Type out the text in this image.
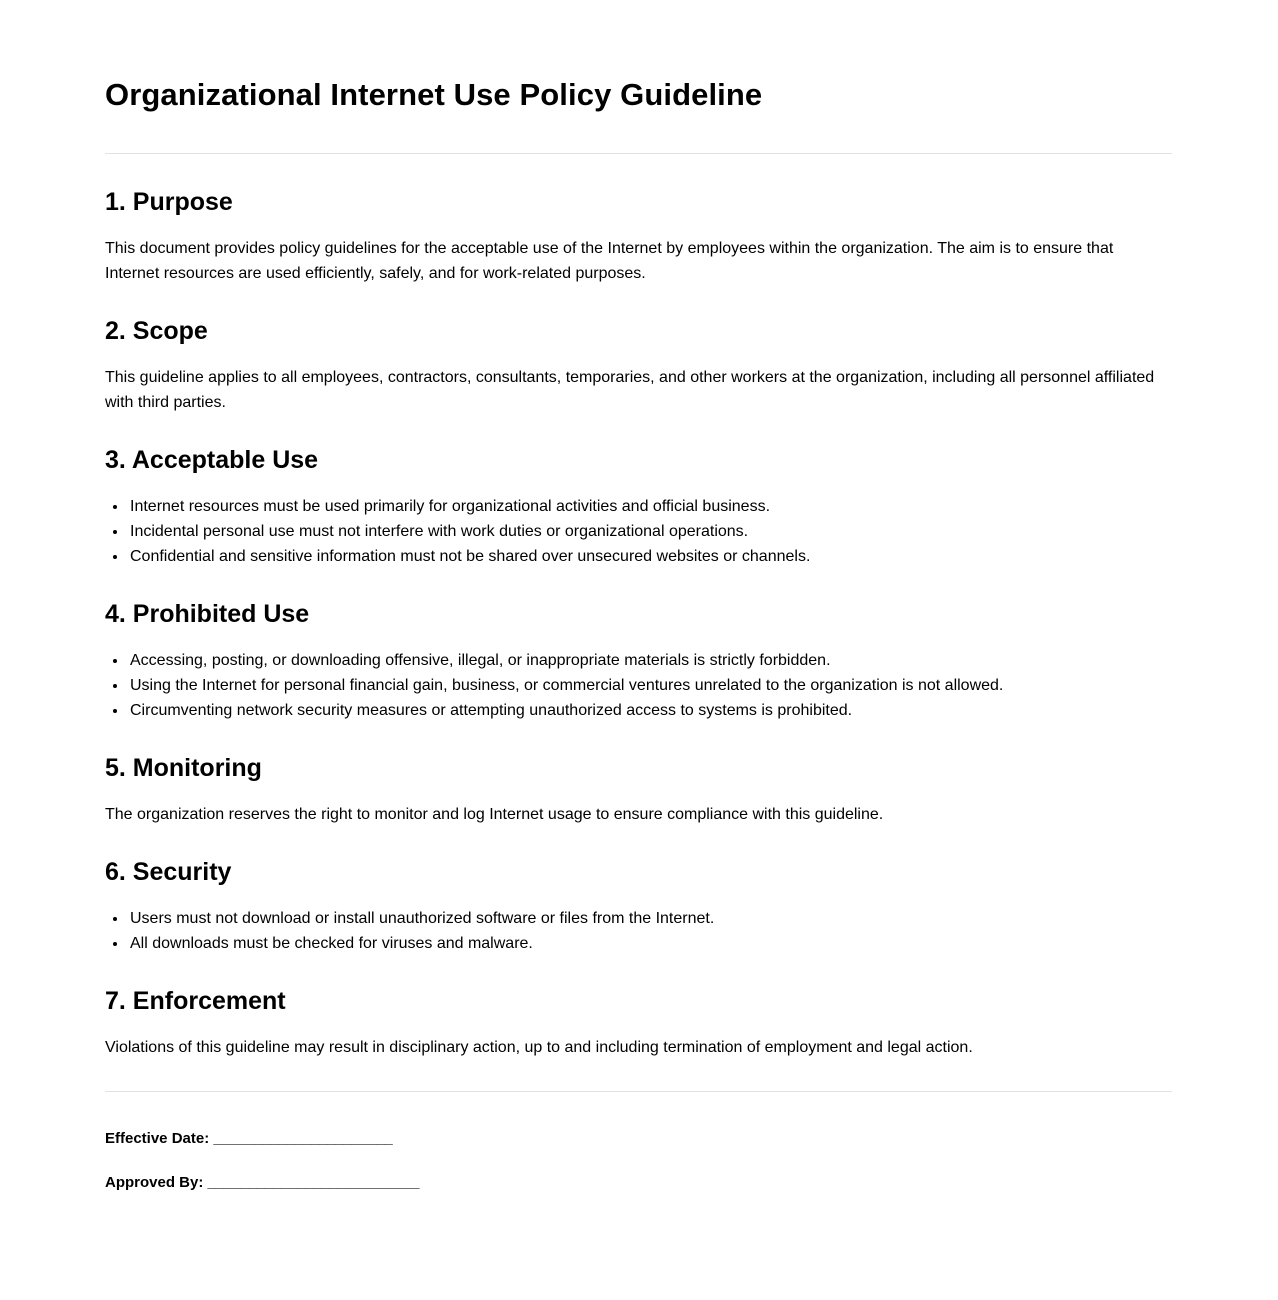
Organizational Internet Use Policy Guideline
1. Purpose

This document provides policy guidelines for the acceptable use of the Internet by employees within the organization. The aim is to ensure that Internet resources are used efficiently, safely, and for work-related purposes.

2. Scope

This guideline applies to all employees, contractors, consultants, temporaries, and other workers at the organization, including all personnel affiliated with third parties.

3. Acceptable Use
• Internet resources must be used primarily for organizational activities and official business.
• Incidental personal use must not interfere with work duties or organizational operations.
• Confidential and sensitive information must not be shared over unsecured websites or channels.
4. Prohibited Use
• Accessing, posting, or downloading offensive, illegal, or inappropriate materials is strictly forbidden.
• Using the Internet for personal financial gain, business, or commercial ventures unrelated to the organization is not allowed.
• Circumventing network security measures or attempting unauthorized access to systems is prohibited.
5. Monitoring

The organization reserves the right to monitor and log Internet usage to ensure compliance with this guideline.

6. Security
• Users must not download or install unauthorized software or files from the Internet.
• All downloads must be checked for viruses and malware.
7. Enforcement

Violations of this guideline may result in disciplinary action, up to and including termination of employment and legal action.

Effective Date: ______________________

Approved By: __________________________
